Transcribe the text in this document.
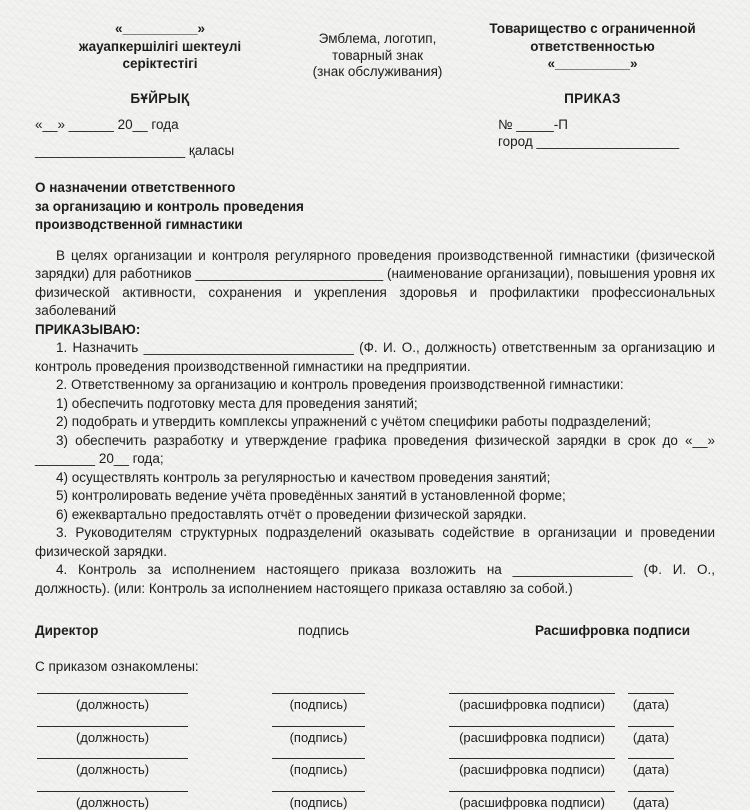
«__________»
жауапкершілігі шектеулі
серіктестігі
БҰЙРЫҚ
«__» ______ 20__ года
____________________ қаласы
Эмблема, логотип,
товарный знак
(знак обслуживания)
Товарищество с ограниченной
ответственностью
«__________»
ПРИКАЗ
№ _____-П
город ___________________
О назначении ответственного
за организацию и контроль проведения
производственной гимнастики

В целях организации и контроля регулярного проведения производственной гимнастики (физической зарядки) для работников _________________________ (наименование организации), повышения уровня их физической активности, сохранения и укрепления здоровья и профилактики профессиональных заболеваний

ПРИКАЗЫВАЮ:

1. Назначить ____________________________ (Ф. И. О., должность) ответственным за организацию и контроль проведения производственной гимнастики на предприятии.

2. Ответственному за организацию и контроль проведения производственной гимнастики:

1) обеспечить подготовку места для проведения занятий;

2) подобрать и утвердить комплексы упражнений с учётом специфики работы подразделений;

3) обеспечить разработку и утверждение графика проведения физической зарядки в срок до «__» ________ 20__ года;

4) осуществлять контроль за регулярностью и качеством проведения занятий;

5) контролировать ведение учёта проведённых занятий в установленной форме;

6) ежеквартально предоставлять отчёт о проведении физической зарядки.

3. Руководителям структурных подразделений оказывать содействие в организации и проведении физической зарядки.

4. Контроль за исполнением настоящего приказа возложить на ________________ (Ф. И. О., должность). (или: Контроль за исполнением настоящего приказа оставляю за собой.)

Директор	подпись	Расшифровка подписи
С приказом ознакомлены:
(должность)	(подпись)	(расшифровка подписи)	(дата)
(должность)	(подпись)	(расшифровка подписи)	(дата)
(должность)	(подпись)	(расшифровка подписи)	(дата)
(должность)	(подпись)	(расшифровка подписи)	(дата)
